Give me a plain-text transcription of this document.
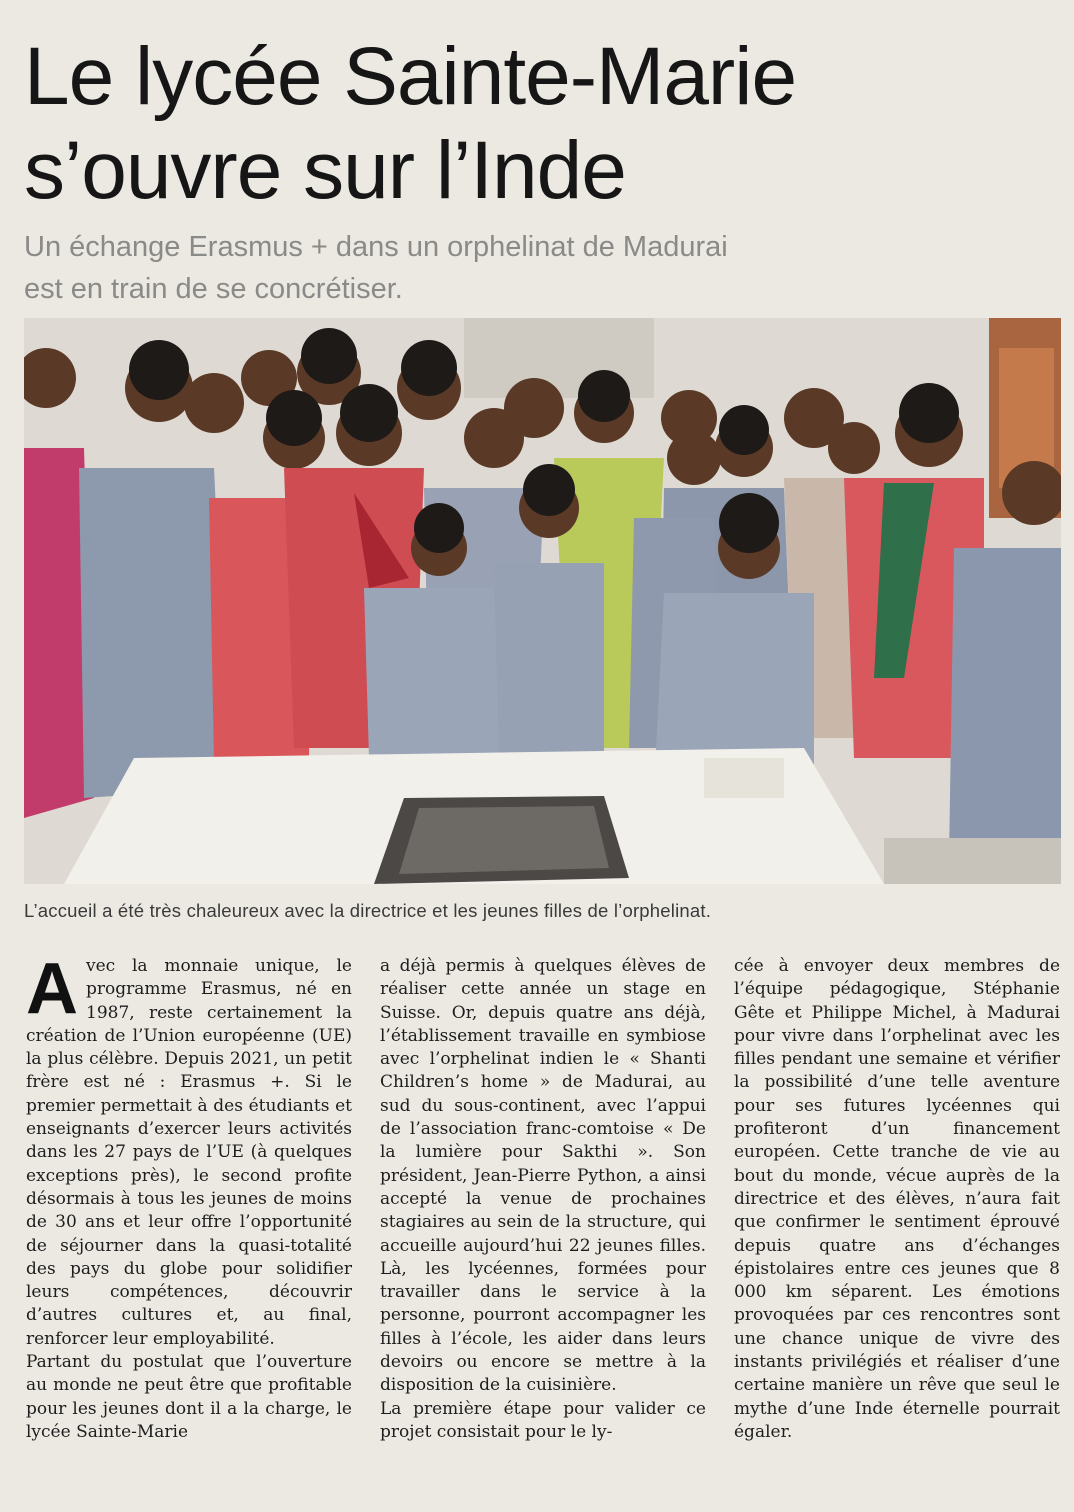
Le lycée Sainte-Marie
s’ouvre sur l’Inde
Un échange Erasmus + dans un orphelinat de Madurai
est en train de se concrétiser.
L’accueil a été très chaleureux avec la directrice et les jeunes filles de l’orphelinat.

Avec la monnaie unique, le programme Erasmus, né en 1987, reste certainement la création de l’Union européenne (UE) la plus célèbre. Depuis 2021, un petit frère est né : Erasmus +. Si le premier permettait à des étudiants et enseignants d’exercer leurs activités dans les 27 pays de l’UE (à quelques exceptions près), le second profite désormais à tous les jeunes de moins de 30 ans et leur offre l’opportunité de séjourner dans la quasi-totalité des pays du globe pour solidifier leurs compétences, découvrir d’autres cultures et, au final, renforcer leur employabilité.

Partant du postulat que l’ouverture au monde ne peut être que profitable pour les jeunes dont il a la charge, le lycée Sainte-Marie

a déjà permis à quelques élèves de réaliser cette année un stage en Suisse. Or, depuis quatre ans déjà, l’établissement travaille en symbiose avec l’orphelinat indien le « Shanti Children’s home » de Madurai, au sud du sous-continent, avec l’appui de l’association franc-comtoise « De la lumière pour Sakthi ». Son président, Jean-Pierre Python, a ainsi accepté la venue de prochaines stagiaires au sein de la structure, qui accueille aujourd’hui 22 jeunes filles. Là, les lycéennes, formées pour travailler dans le service à la personne, pourront accompagner les filles à l’école, les aider dans leurs devoirs ou encore se mettre à la disposition de la cuisinière.

La première étape pour valider ce projet consistait pour le ly-

cée à envoyer deux membres de l’équipe pédagogique, Stéphanie Gête et Philippe Michel, à Madurai pour vivre dans l’orphelinat avec les filles pendant une semaine et vérifier la possibilité d’une telle aventure pour ses futures lycéennes qui profiteront d’un financement européen. Cette tranche de vie au bout du monde, vécue auprès de la directrice et des élèves, n’aura fait que confirmer le sentiment éprouvé depuis quatre ans d’échanges épistolaires entre ces jeunes que 8 000 km séparent. Les émotions provoquées par ces rencontres sont une chance unique de vivre des instants privilégiés et réaliser d’une certaine manière un rêve que seul le mythe d’une Inde éternelle pourrait égaler.
